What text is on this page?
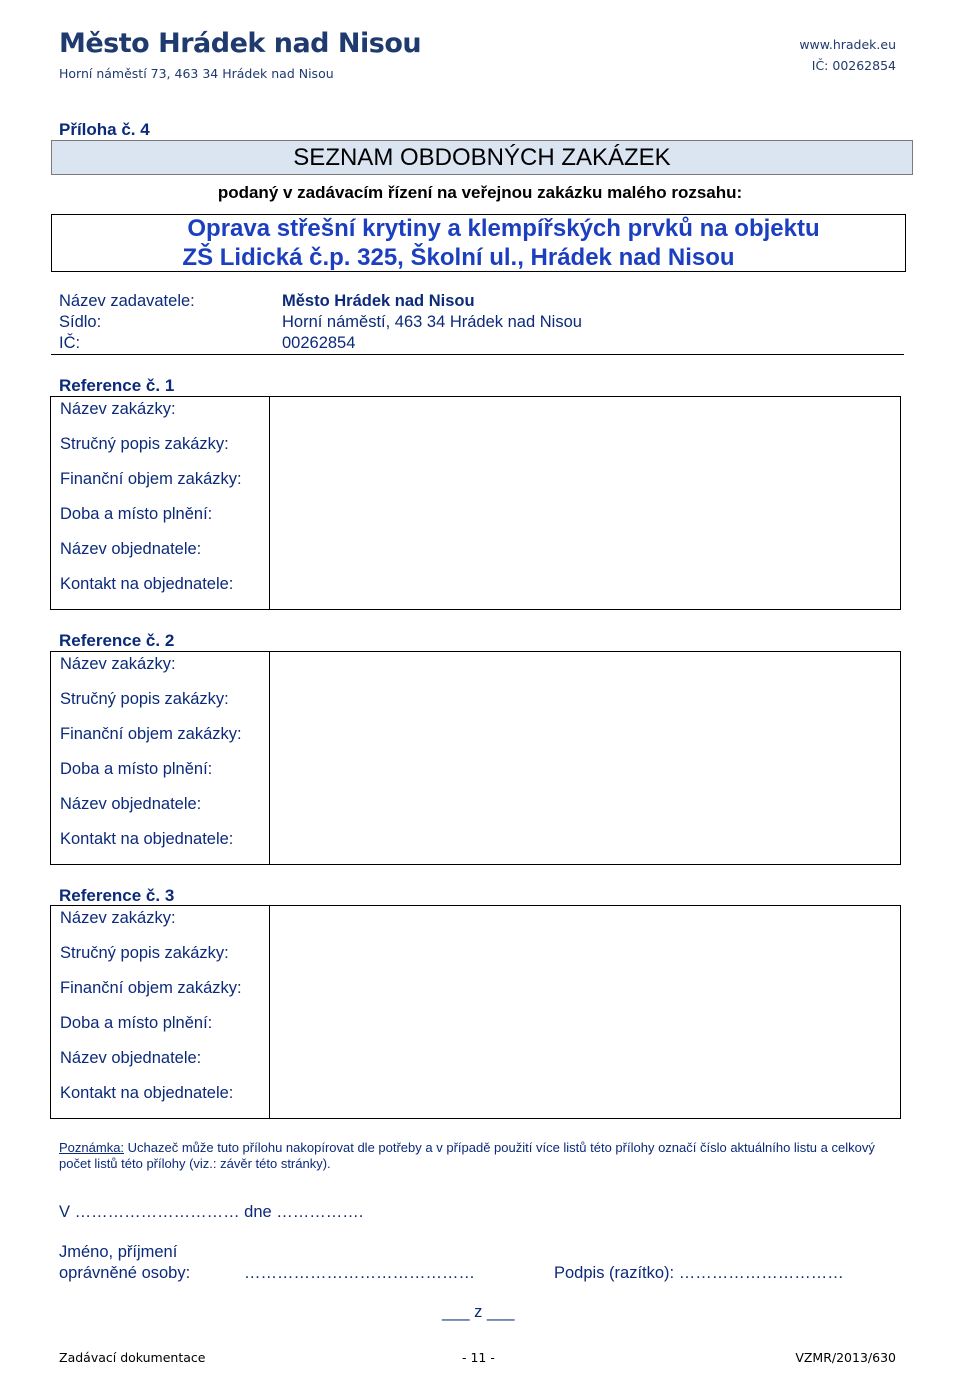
Město Hrádek nad Nisou
Horní náměstí 73, 463 34 Hrádek nad Nisou
www.hradek.eu
IČ: 00262854
Příloha č. 4
SEZNAM OBDOBNÝCH ZAKÁZEK
podaný v zadávacím řízení na veřejnou zakázku malého rozsahu:
Oprava střešní krytiny a klempířských prvků na objektu
ZŠ Lidická č.p. 325, Školní ul., Hrádek nad Nisou
Název zadavatele:	Město Hrádek nad Nisou
Sídlo:	Horní náměstí, 463 34 Hrádek nad Nisou
IČ:	00262854
Reference č. 1
Název zakázky:
Stručný popis zakázky:
Finanční objem zakázky:
Doba a místo plnění:
Název objednatele:
Kontakt na objednatele:
Reference č. 2
Název zakázky:
Stručný popis zakázky:
Finanční objem zakázky:
Doba a místo plnění:
Název objednatele:
Kontakt na objednatele:
Reference č. 3
Název zakázky:
Stručný popis zakázky:
Finanční objem zakázky:
Doba a místo plnění:
Název objednatele:
Kontakt na objednatele:
Poznámka: Uchazeč může tuto přílohu nakopírovat dle potřeby a v případě použití více listů této přílohy označí číslo aktuálního listu a celkový počet listů této přílohy (viz.: závěr této stránky).
V ………………………… dne …………….
Jméno, příjmení
oprávněné osoby:	……………………………………	Podpis (razítko): …………………………
___ z ___
Zadávací dokumentace	- 11 -	VZMR/2013/630
